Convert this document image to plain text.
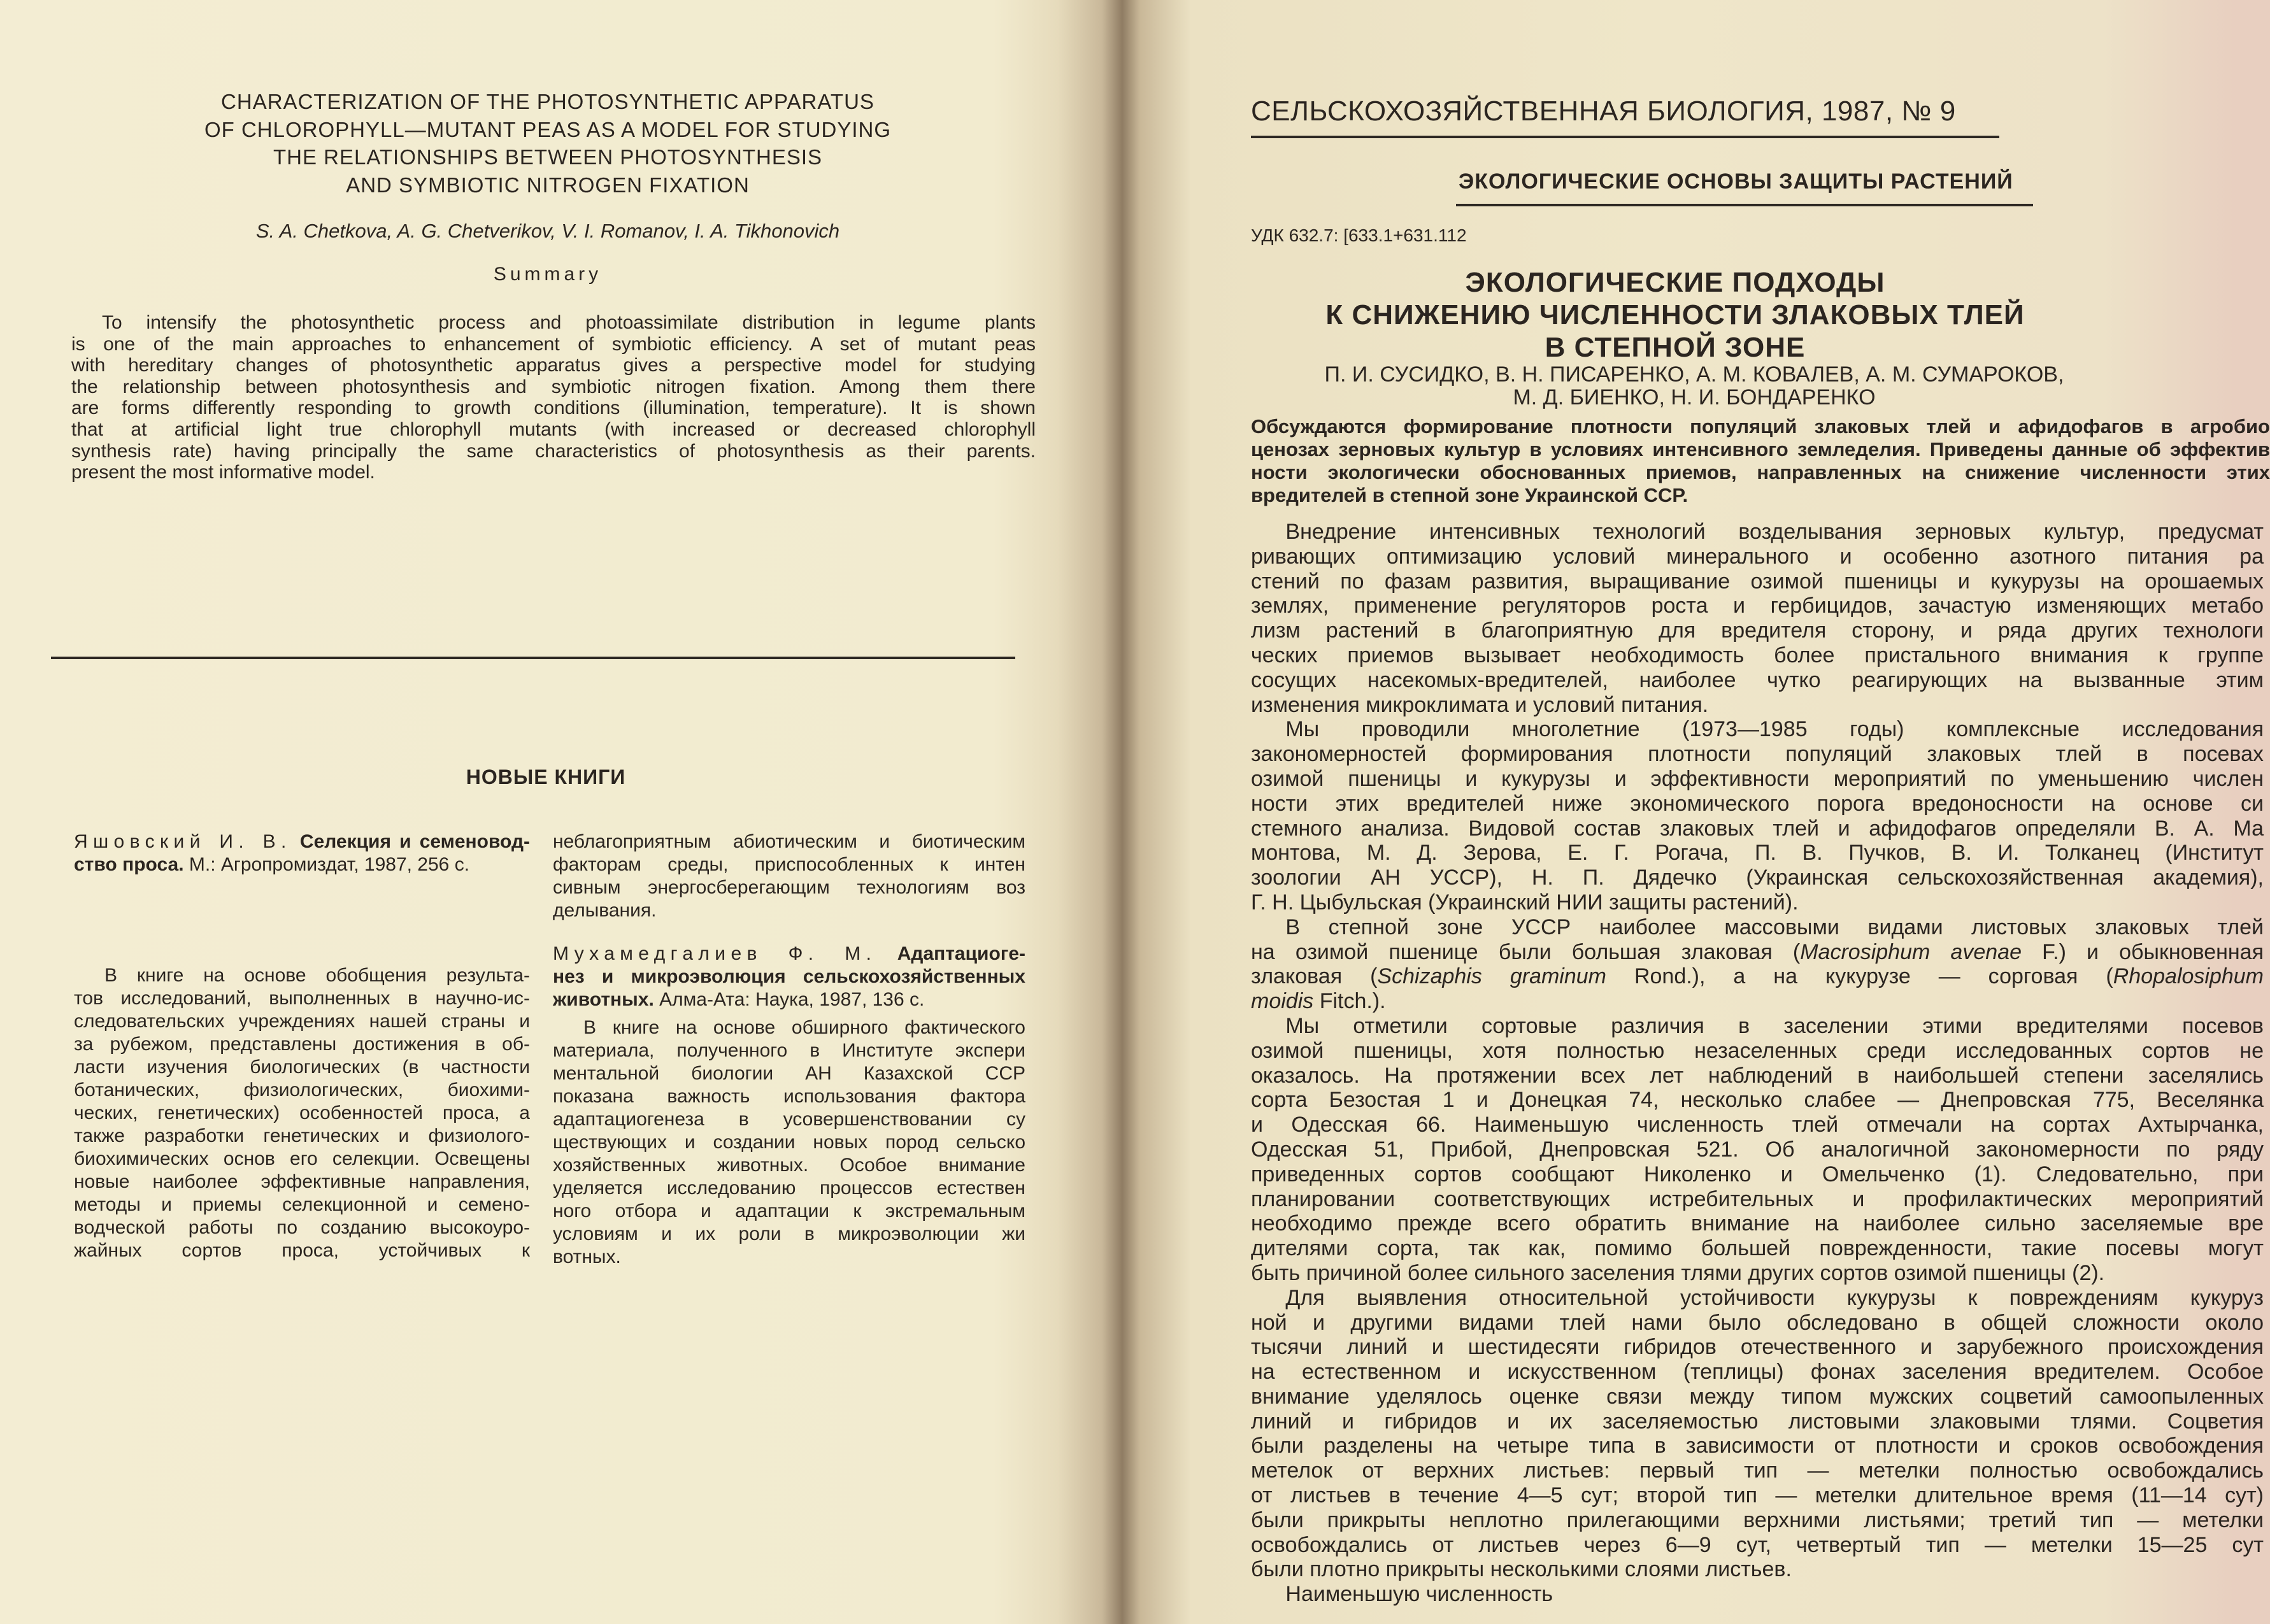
CHARACTERIZATION OF THE PHOTOSYNTHETIC APPARATUS
OF CHLOROPHYLL—MUTANT PEAS AS A MODEL FOR STUDYING
THE RELATIONSHIPS BETWEEN PHOTOSYNTHESIS
AND SYMBIOTIC NITROGEN FIXATION
S. A. Chetkova, A. G. Chetverikov, V. I. Romanov, I. A. Tikhonovich
Summary
To intensify the photosynthetic process and photoassimilate distribution in legume plants
is one of the main approaches to enhancement of symbiotic efficiency. A set of mutant peas
with hereditary changes of photosynthetic apparatus gives a perspective model for studying
the relationship between photosynthesis and symbiotic nitrogen fixation. Among them there
are forms differently responding to growth conditions (illumination, temperature). It is shown
that at artificial light true chlorophyll mutants (with increased or decreased chlorophyll
synthesis rate) having principally the same characteristics of photosynthesis as their parents.
present the most informative model.
НОВЫЕ КНИГИ
Яшовский И. В. Селекция и семеновод-
ство проса. М.: Агропромиздат, 1987, 256 с.
В книге на основе обобщения результа-
тов исследований, выполненных в научно-ис-
следовательских учреждениях нашей страны и
за рубежом, представлены достижения в об-
ласти изучения биологических (в частности
ботанических, физиологических, биохими-
ческих, генетических) особенностей проса, а
также разработки генетических и физиолого-
биохимических основ его селекции. Освещены
новые наиболее эффективные направления,
методы и приемы селекционной и семено-
водческой работы по созданию высокоуро-
жайных сортов проса, устойчивых к
неблагоприятным абиотическим и биотическим
факторам среды, приспособленных к интен
сивным энергосберегающим технологиям воз
делывания.
Мухамедгалиев Ф. М. Адаптациоге-
нез и микроэволюция сельскохозяйственных
животных. Алма-Ата: Наука, 1987, 136 с.
В книге на основе обширного фактического
материала, полученного в Институте экспери
ментальной биологии АН Казахской ССР
показана важность использования фактора
адаптациогенеза в усовершенствовании су
ществующих и создании новых пород сельско
хозяйственных животных. Особое внимание
уделяется исследованию процессов естествен
ного отбора и адаптации к экстремальным
условиям и их роли в микроэволюции жи
вотных.
СЕЛЬСКОХОЗЯЙСТВЕННАЯ БИОЛОГИЯ, 1987, № 9
ЭКОЛОГИЧЕСКИЕ ОСНОВЫ ЗАЩИТЫ РАСТЕНИЙ
УДК 632.7: [633.1+631.112
ЭКОЛОГИЧЕСКИЕ ПОДХОДЫ
К СНИЖЕНИЮ ЧИСЛЕННОСТИ ЗЛАКОВЫХ ТЛЕЙ
В СТЕПНОЙ ЗОНЕ
П. И. СУСИДКО, В. Н. ПИСАРЕНКО, А. М. КОВАЛЕВ, А. М. СУМАРОКОВ,
М. Д. БИЕНКО, Н. И. БОНДАРЕНКО
Обсуждаются формирование плотности популяций злаковых тлей и афидофагов в агробио
ценозах зерновых культур в условиях интенсивного земледелия. Приведены данные об эффектив
ности экологически обоснованных приемов, направленных на снижение численности этих
вредителей в степной зоне Украинской ССР.
Внедрение интенсивных технологий возделывания зерновых культур, предусмат
ривающих оптимизацию условий минерального и особенно азотного питания ра
стений по фазам развития, выращивание озимой пшеницы и кукурузы на орошаемых
землях, применение регуляторов роста и гербицидов, зачастую изменяющих метабо
лизм растений в благоприятную для вредителя сторону, и ряда других технологи
ческих приемов вызывает необходимость более пристального внимания к группе
сосущих насекомых-вредителей, наиболее чутко реагирующих на вызванные этим
изменения микроклимата и условий питания.
Мы проводили многолетние (1973—1985 годы) комплексные исследования
закономерностей формирования плотности популяций злаковых тлей в посевах
озимой пшеницы и кукурузы и эффективности мероприятий по уменьшению числен
ности этих вредителей ниже экономического порога вредоносности на основе си
стемного анализа. Видовой состав злаковых тлей и афидофагов определяли В. А. Ма
монтова, М. Д. Зерова, Е. Г. Рогача, П. В. Пучков, В. И. Толканец (Институт
зоологии АН УССР), Н. П. Дядечко (Украинская сельскохозяйственная академия),
Г. Н. Цыбульская (Украинский НИИ защиты растений).
В степной зоне УССР наиболее массовыми видами листовых злаковых тлей
на озимой пшенице были большая злаковая (Macrosiphum avenae F.) и обыкновенная
злаковая (Schizaphis graminum Rond.), а на кукурузе — сорговая (Rhopalosiphum
moidis Fitch.).
Мы отметили сортовые различия в заселении этими вредителями посевов
озимой пшеницы, хотя полностью незаселенных среди исследованных сортов не
оказалось. На протяжении всех лет наблюдений в наибольшей степени заселялись
сорта Безостая 1 и Донецкая 74, несколько слабее — Днепровская 775, Веселянка
и Одесская 66. Наименьшую численность тлей отмечали на сортах Ахтырчанка,
Одесская 51, Прибой, Днепровская 521. Об аналогичной закономерности по ряду
приведенных сортов сообщают Николенко и Омельченко (1). Следовательно, при
планировании соответствующих истребительных и профилактических мероприятий
необходимо прежде всего обратить внимание на наиболее сильно заселяемые вре
дителями сорта, так как, помимо большей поврежденности, такие посевы могут
быть причиной более сильного заселения тлями других сортов озимой пшеницы (2).
Для выявления относительной устойчивости кукурузы к повреждениям кукуруз
ной и другими видами тлей нами было обследовано в общей сложности около
тысячи линий и шестидесяти гибридов отечественного и зарубежного происхождения
на естественном и искусственном (теплицы) фонах заселения вредителем. Особое
внимание уделялось оценке связи между типом мужских соцветий самоопыленных
линий и гибридов и их заселяемостью листовыми злаковыми тлями. Соцветия
были разделены на четыре типа в зависимости от плотности и сроков освобождения
метелок от верхних листьев: первый тип — метелки полностью освобождались
от листьев в течение 4—5 сут; второй тип — метелки длительное время (11—14 сут)
были прикрыты неплотно прилегающими верхними листьями; третий тип — метелки
освобождались от листьев через 6—9 сут, четвертый тип — метелки 15—25 сут
были плотно прикрыты несколькими слоями листьев.
Наименьшую численность
